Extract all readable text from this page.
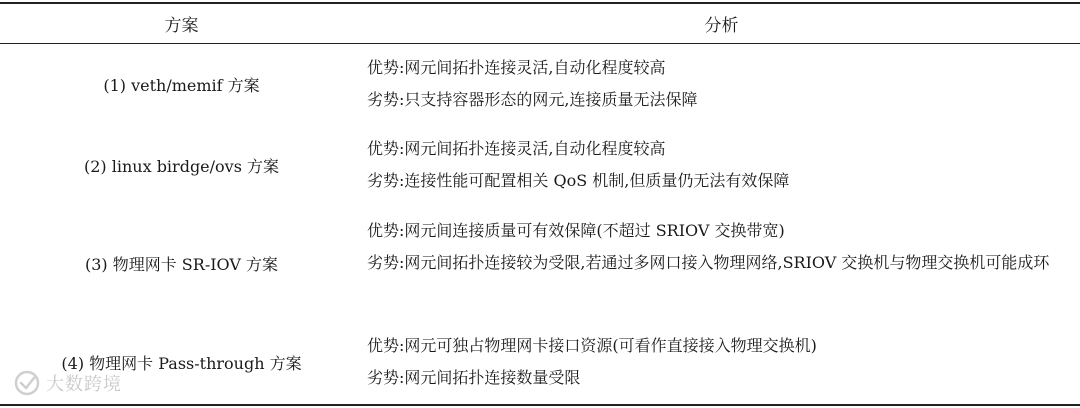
方案	分析
(1) veth/memif 方案

优势:网元间拓扑连接灵活,自动化程度较高

劣势:只支持容器形态的网元,连接质量无法保障

(2) linux birdge/ovs 方案

优势:网元间拓扑连接灵活,自动化程度较高

劣势:连接性能可配置相关 QoS 机制,但质量仍无法有效保障

(3) 物理网卡 SR-IOV 方案

优势:网元间连接质量可有效保障(不超过 SRIOV 交换带宽)

劣势:网元间拓扑连接较为受限,若通过多网口接入物理网络,SRIOV 交换机与物理交换机可能成环

(4) 物理网卡 Pass-through 方案

优势:网元可独占物理网卡接口资源(可看作直接接入物理交换机)

劣势:网元间拓扑连接数量受限

大数跨境
